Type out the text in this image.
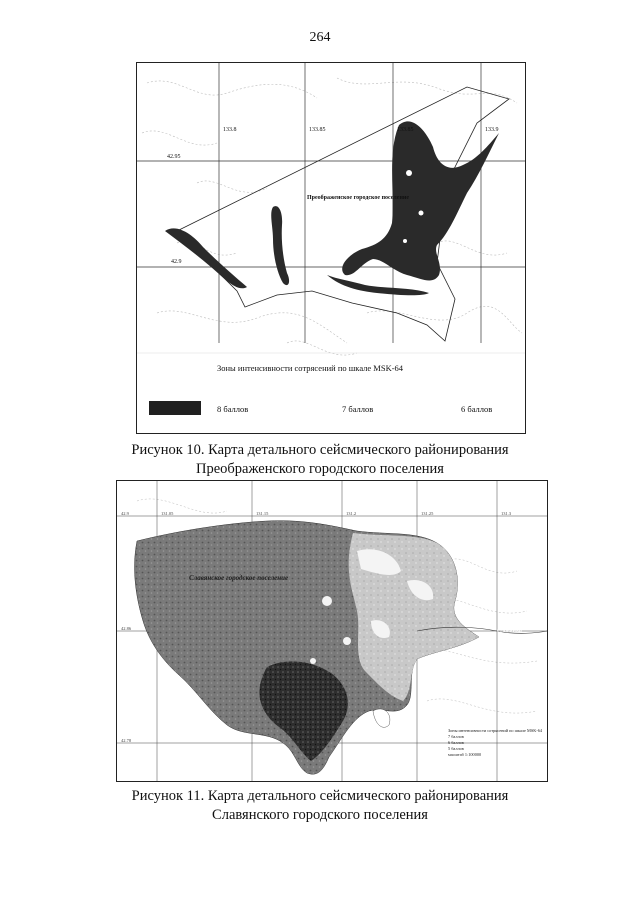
264
133.8	133.85	133.85	133.9
42.95
42.9
Преображенское городское поселение
Зоны интенсивности сотрясений по шкале MSK-64
8 баллов	7 баллов	6 баллов
Рисунок 10. Карта детального сейсмического районирования
Преображенского городского поселения
42.9
42.86
42.78
131.05	131.15	131.2	131.25	131.3
Славянское городское поселение
Славянка
Зоны интенсивности сотрясений по шкале MSK-64
7 баллов
6 баллов
5 баллов
масштаб 1:100000
Рисунок 11. Карта детального сейсмического районирования
Славянского городского поселения
